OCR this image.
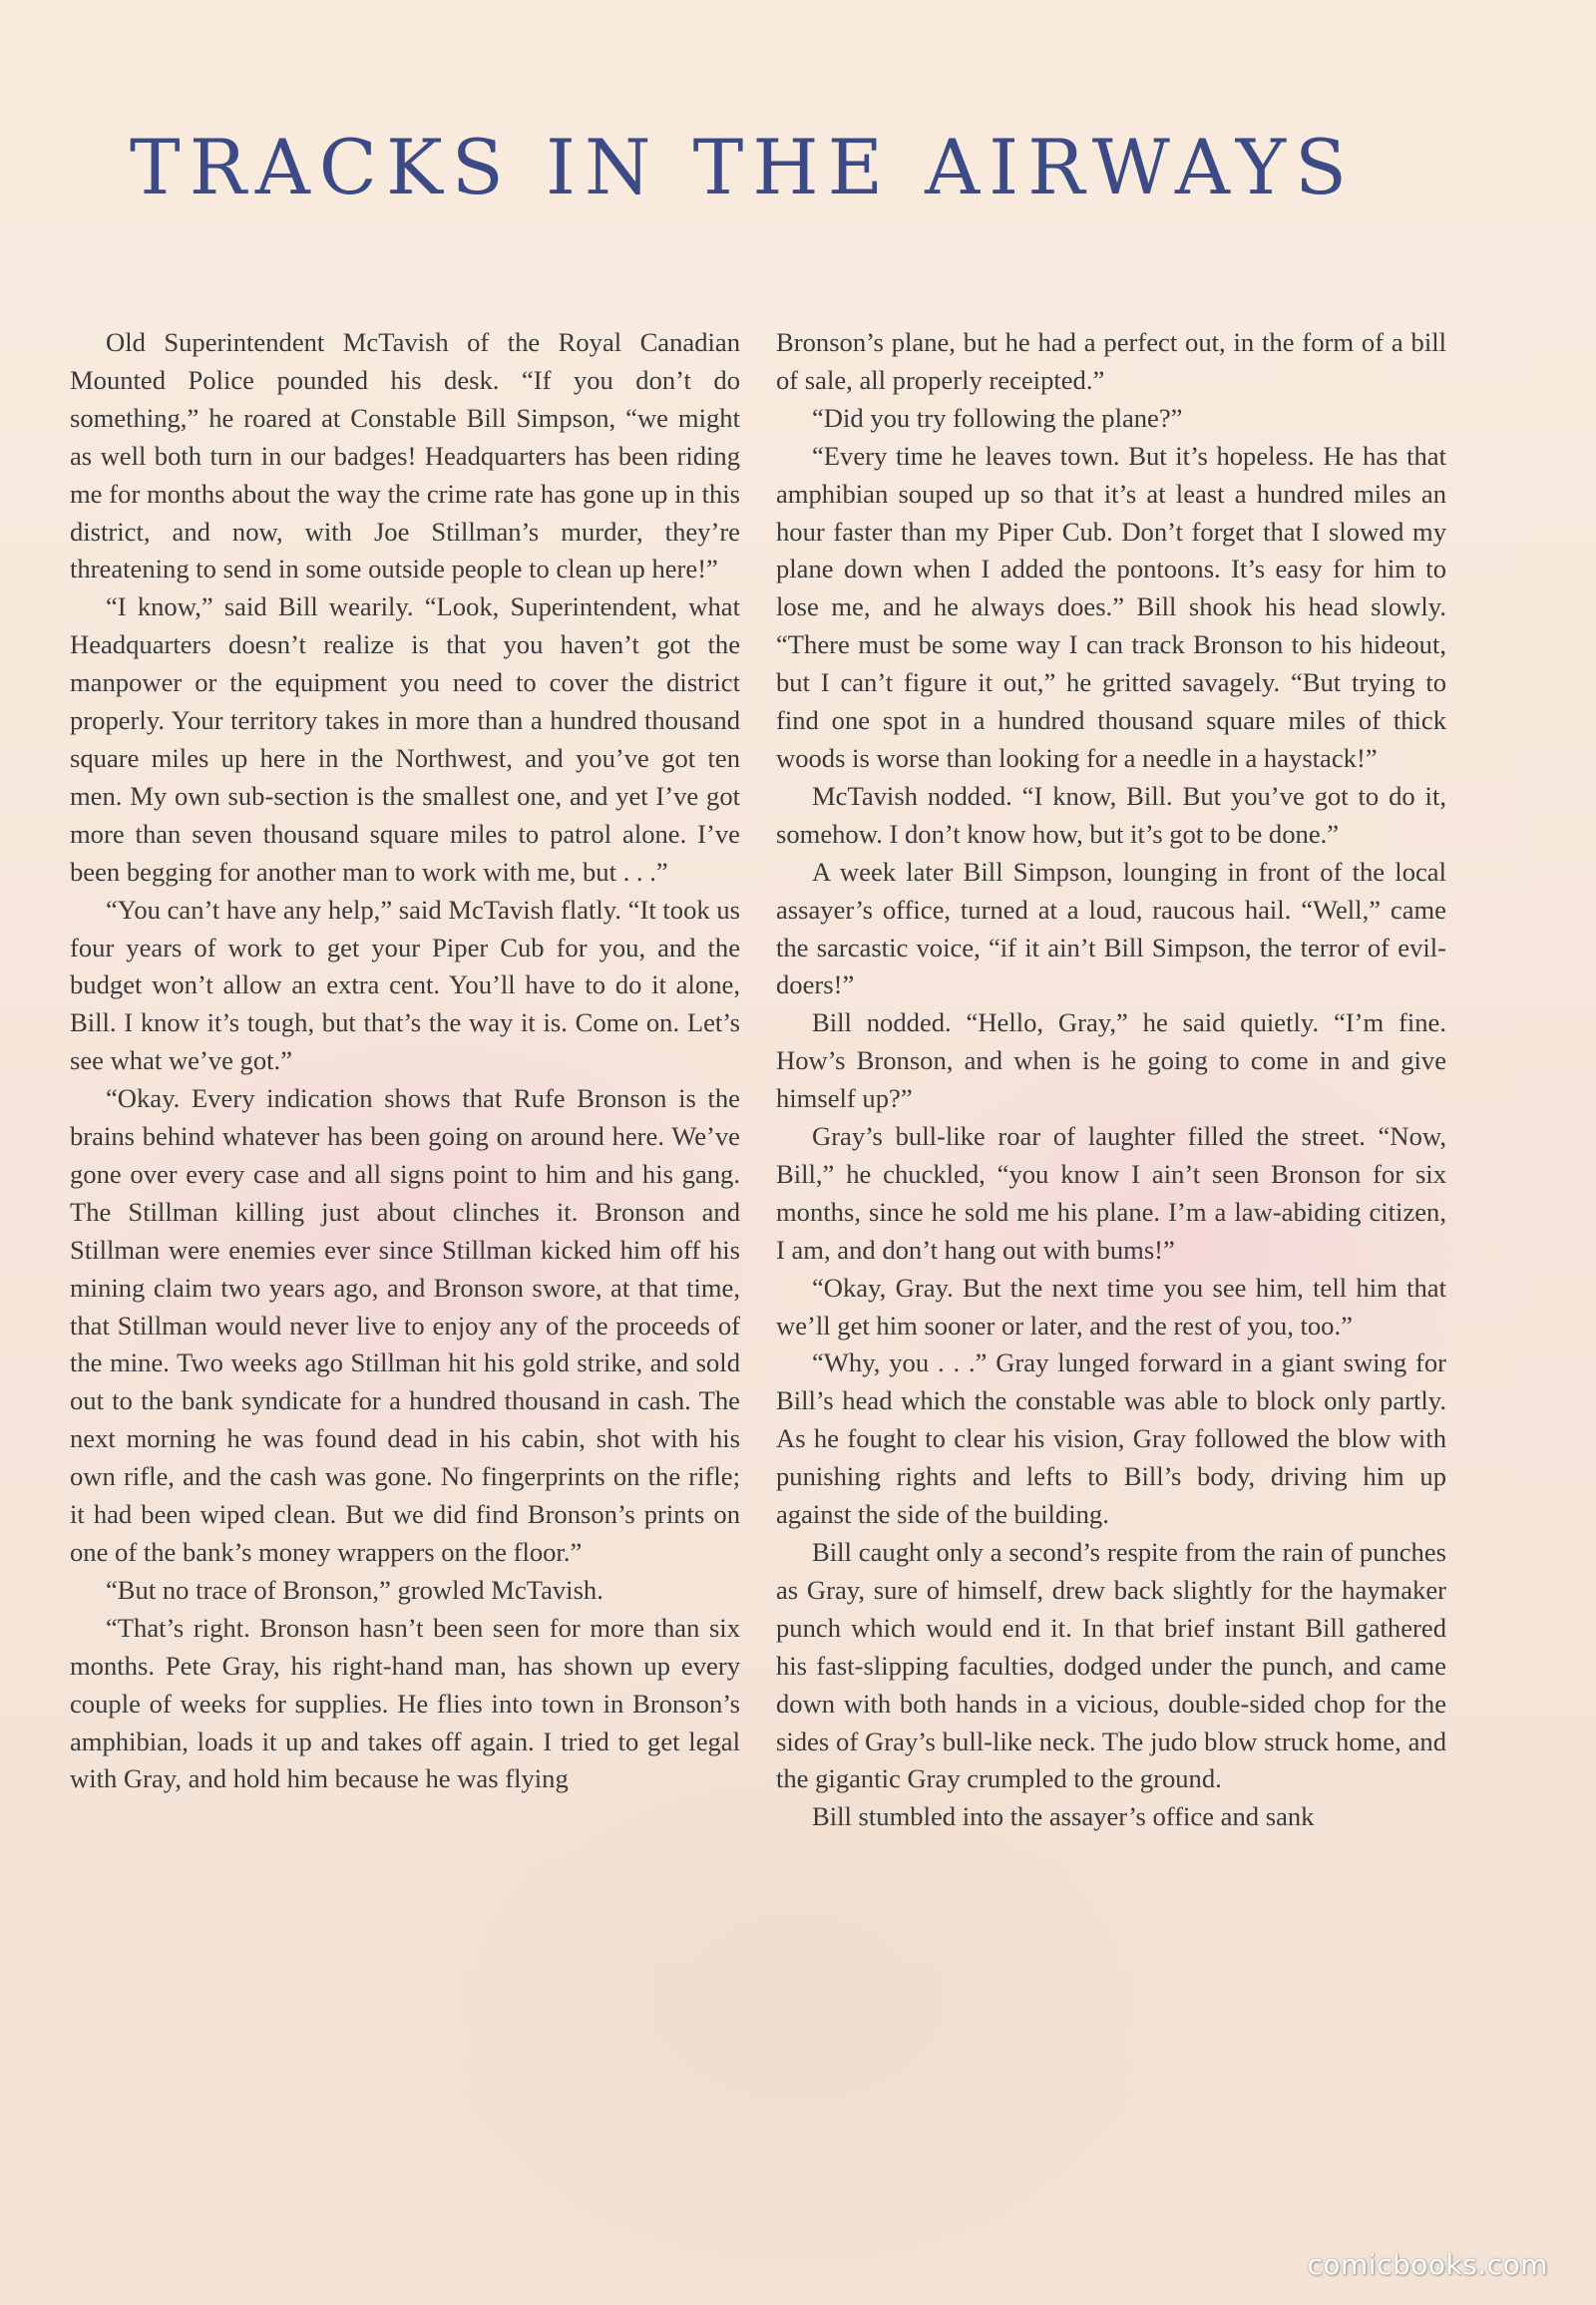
TRACKS IN THE AIRWAYS

Old Superintendent McTavish of the Royal Canadian Mounted Police pounded his desk. “If you don’t do something,” he roared at Constable Bill Simpson, “we might as well both turn in our badges! Headquarters has been riding me for months about the way the crime rate has gone up in this district, and now, with Joe Stillman’s murder, they’re threatening to send in some outside people to clean up here!”

“I know,” said Bill wearily. “Look, Superintendent, what Headquarters doesn’t realize is that you haven’t got the manpower or the equipment you need to cover the district properly. Your territory takes in more than a hundred thousand square miles up here in the Northwest, and you’ve got ten men. My own sub-section is the smallest one, and yet I’ve got more than seven thousand square miles to patrol alone. I’ve been begging for another man to work with me, but . . .”

“You can’t have any help,” said McTavish flatly. “It took us four years of work to get your Piper Cub for you, and the budget won’t allow an extra cent. You’ll have to do it alone, Bill. I know it’s tough, but that’s the way it is. Come on. Let’s see what we’ve got.”

“Okay. Every indication shows that Rufe Bronson is the brains behind whatever has been going on around here. We’ve gone over every case and all signs point to him and his gang. The Stillman killing just about clinches it. Bronson and Stillman were enemies ever since Stillman kicked him off his mining claim two years ago, and Bronson swore, at that time, that Stillman would never live to enjoy any of the proceeds of the mine. Two weeks ago Stillman hit his gold strike, and sold out to the bank syndicate for a hundred thousand in cash. The next morning he was found dead in his cabin, shot with his own rifle, and the cash was gone. No fingerprints on the rifle; it had been wiped clean. But we did find Bronson’s prints on one of the bank’s money wrappers on the floor.”

“But no trace of Bronson,” growled McTavish.

“That’s right. Bronson hasn’t been seen for more than six months. Pete Gray, his right-hand man, has shown up every couple of weeks for supplies. He flies into town in Bronson’s amphibian, loads it up and takes off again. I tried to get legal with Gray, and hold him because he was flying

Bronson’s plane, but he had a perfect out, in the form of a bill of sale, all properly receipted.”

“Did you try following the plane?”

“Every time he leaves town. But it’s hopeless. He has that amphibian souped up so that it’s at least a hundred miles an hour faster than my Piper Cub. Don’t forget that I slowed my plane down when I added the pontoons. It’s easy for him to lose me, and he always does.” Bill shook his head slowly. “There must be some way I can track Bronson to his hideout, but I can’t figure it out,” he gritted savagely. “But trying to find one spot in a hundred thousand square miles of thick woods is worse than looking for a needle in a haystack!”

McTavish nodded. “I know, Bill. But you’ve got to do it, somehow. I don’t know how, but it’s got to be done.”

A week later Bill Simpson, lounging in front of the local assayer’s office, turned at a loud, raucous hail. “Well,” came the sarcastic voice, “if it ain’t Bill Simpson, the terror of evil-doers!”

Bill nodded. “Hello, Gray,” he said quietly. “I’m fine. How’s Bronson, and when is he going to come in and give himself up?”

Gray’s bull-like roar of laughter filled the street. “Now, Bill,” he chuckled, “you know I ain’t seen Bronson for six months, since he sold me his plane. I’m a law-abiding citizen, I am, and don’t hang out with bums!”

“Okay, Gray. But the next time you see him, tell him that we’ll get him sooner or later, and the rest of you, too.”

“Why, you . . .” Gray lunged forward in a giant swing for Bill’s head which the constable was able to block only partly. As he fought to clear his vision, Gray followed the blow with punishing rights and lefts to Bill’s body, driving him up against the side of the building.

Bill caught only a second’s respite from the rain of punches as Gray, sure of himself, drew back slightly for the haymaker punch which would end it. In that brief instant Bill gathered his fast-slipping faculties, dodged under the punch, and came down with both hands in a vicious, double-sided chop for the sides of Gray’s bull-like neck. The judo blow struck home, and the gigantic Gray crumpled to the ground.

Bill stumbled into the assayer’s office and sank

comicbooks.com
